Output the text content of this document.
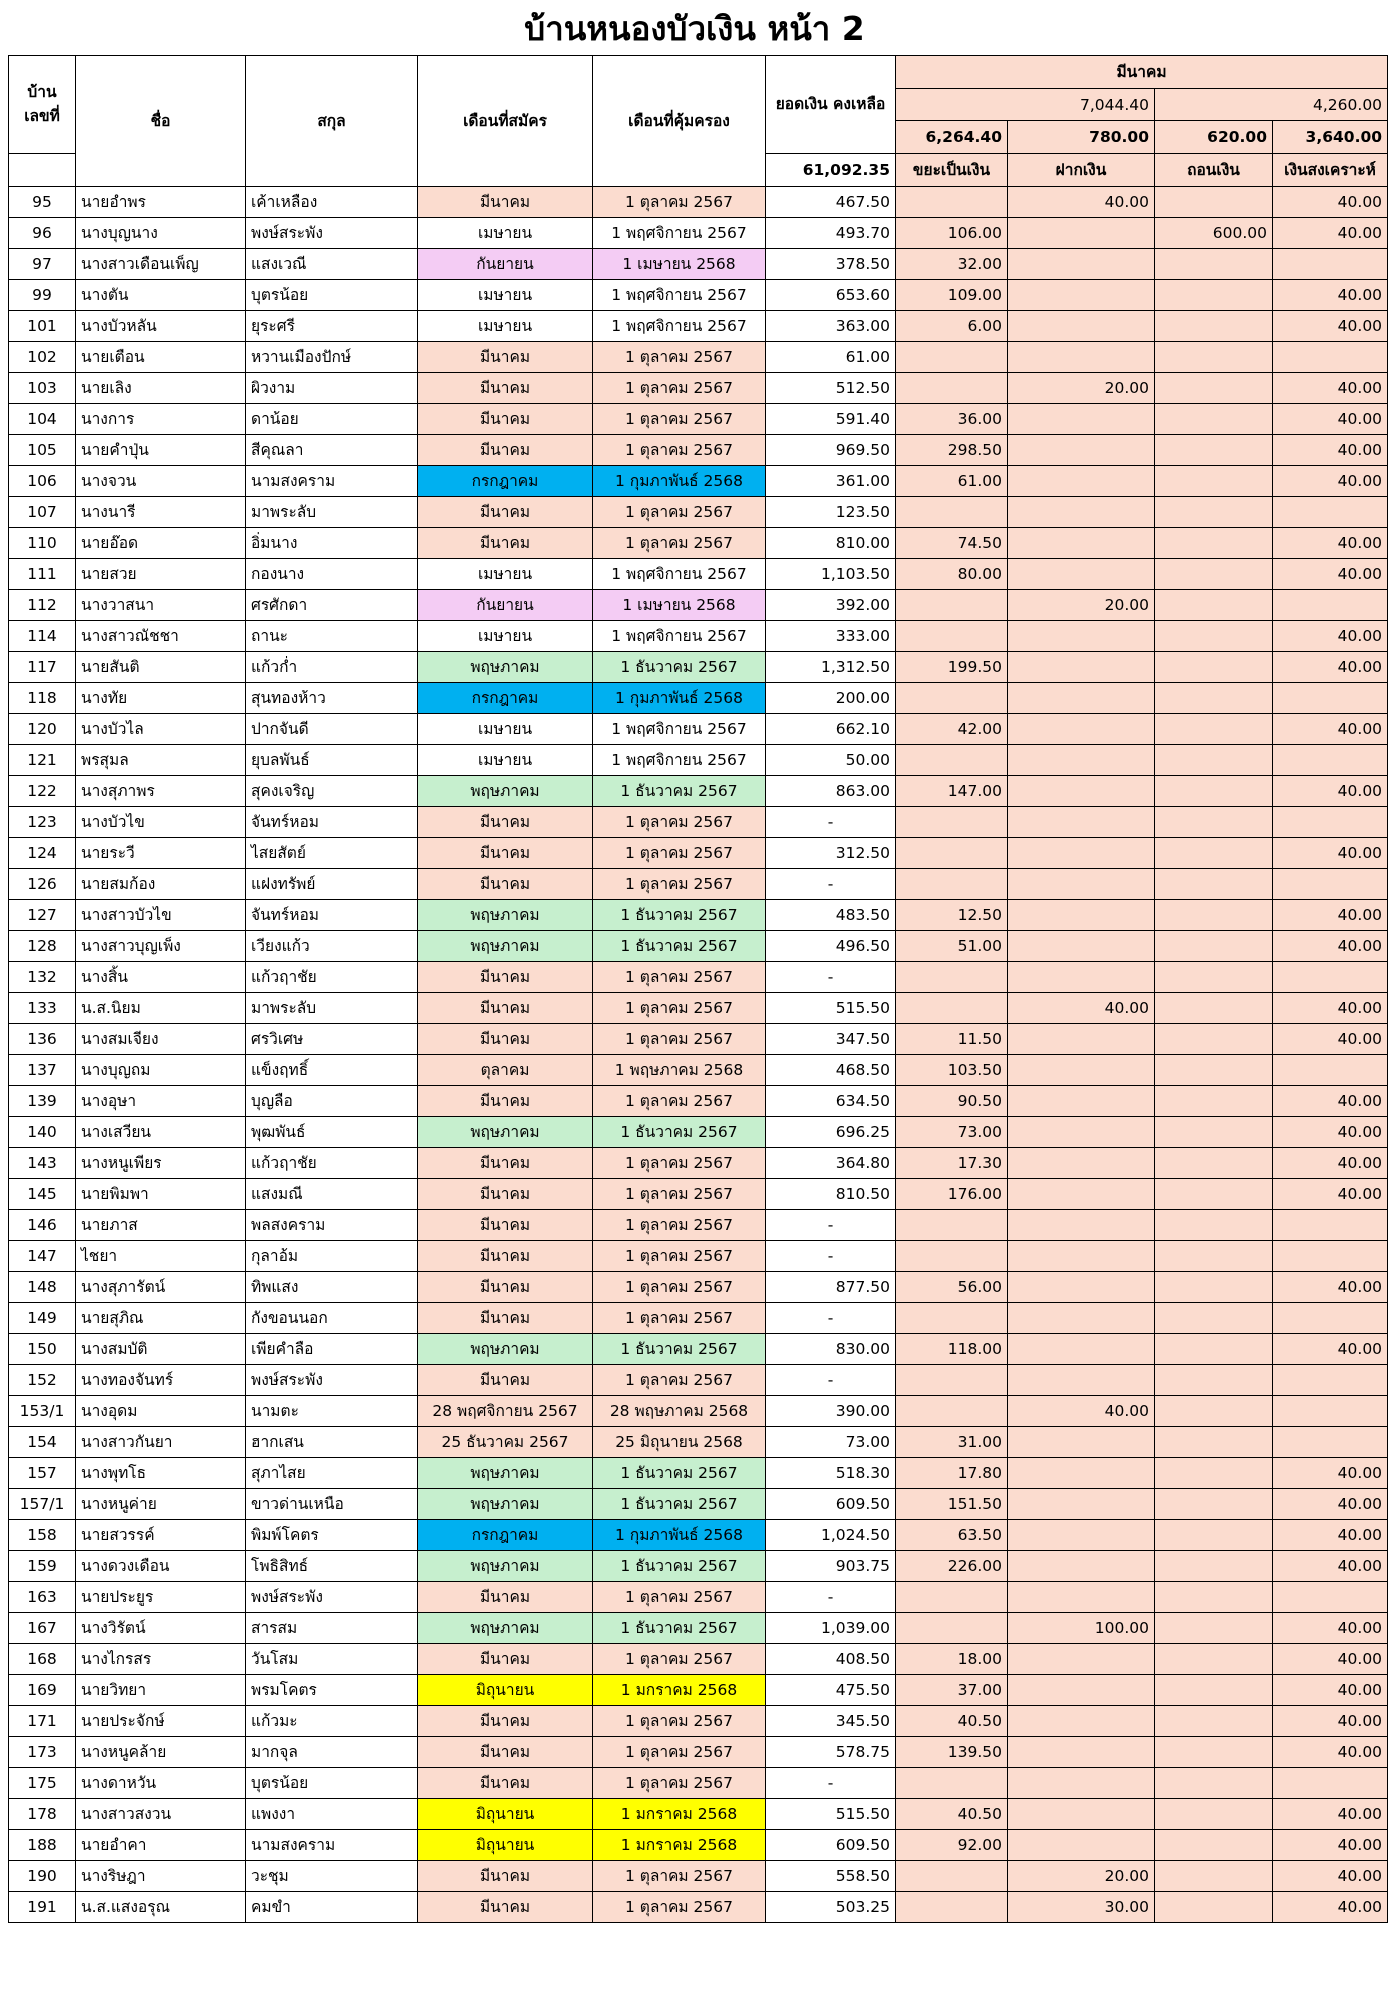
บ้านหนองบัวเงิน หน้า 2
บ้าน เลขที่	ชื่อ	สกุล	เดือนที่สมัคร	เดือนที่คุ้มครอง	ยอดเงิน คงเหลือ	มีนาคม			
						7,044.40		4,260.00	
						6,264.40	780.00	620.00	3,640.00
					61,092.35	ขยะเป็นเงิน	ฝากเงิน	ถอนเงิน	เงินสงเคราะห์
95	นายอำพร	เค้าเหลือง	มีนาคม	1 ตุลาคม 2567	467.50		40.00		40.00
96	นางบุญนาง	พงษ์สระพัง	เมษายน	1 พฤศจิกายน 2567	493.70	106.00		600.00	40.00
97	นางสาวเดือนเพ็ญ	แสงเวณี	กันยายน	1 เมษายน 2568	378.50	32.00			
99	นางตัน	บุตรน้อย	เมษายน	1 พฤศจิกายน 2567	653.60	109.00			40.00
101	นางบัวหลัน	ยุระศรี	เมษายน	1 พฤศจิกายน 2567	363.00	6.00			40.00
102	นายเตือน	หวานเมืองปักษ์	มีนาคม	1 ตุลาคม 2567	61.00				
103	นายเลิง	ผิวงาม	มีนาคม	1 ตุลาคม 2567	512.50		20.00		40.00
104	นางการ	ดาน้อย	มีนาคม	1 ตุลาคม 2567	591.40	36.00			40.00
105	นายคำปุ่น	สีคุณลา	มีนาคม	1 ตุลาคม 2567	969.50	298.50			40.00
106	นางจวน	นามสงคราม	กรกฎาคม	1 กุมภาพันธ์ 2568	361.00	61.00			40.00
107	นางนารี	มาพระลับ	มีนาคม	1 ตุลาคม 2567	123.50				
110	นายอ๊อด	อิ่มนาง	มีนาคม	1 ตุลาคม 2567	810.00	74.50			40.00
111	นายสวย	กองนาง	เมษายน	1 พฤศจิกายน 2567	1,103.50	80.00			40.00
112	นางวาสนา	ศรศักดา	กันยายน	1 เมษายน 2568	392.00		20.00		
114	นางสาวณัชชา	ถานะ	เมษายน	1 พฤศจิกายน 2567	333.00				40.00
117	นายสันติ	แก้วก่ำ	พฤษภาคม	1 ธันวาคม 2567	1,312.50	199.50			40.00
118	นางทัย	สุนทองห้าว	กรกฎาคม	1 กุมภาพันธ์ 2568	200.00				
120	นางบัวไล	ปากจันดี	เมษายน	1 พฤศจิกายน 2567	662.10	42.00			40.00
121	พรสุมล	ยุบลพันธ์	เมษายน	1 พฤศจิกายน 2567	50.00				
122	นางสุภาพร	สุคงเจริญ	พฤษภาคม	1 ธันวาคม 2567	863.00	147.00			40.00
123	นางบัวไข	จันทร์หอม	มีนาคม	1 ตุลาคม 2567	-				
124	นายระวี	ไสยสัตย์	มีนาคม	1 ตุลาคม 2567	312.50				40.00
126	นายสมก้อง	แฝงทรัพย์	มีนาคม	1 ตุลาคม 2567	-				
127	นางสาวบัวไข	จันทร์หอม	พฤษภาคม	1 ธันวาคม 2567	483.50	12.50			40.00
128	นางสาวบุญเพ็ง	เวียงแก้ว	พฤษภาคม	1 ธันวาคม 2567	496.50	51.00			40.00
132	นางสิ้น	แก้วฤาชัย	มีนาคม	1 ตุลาคม 2567	-				
133	น.ส.นิยม	มาพระลับ	มีนาคม	1 ตุลาคม 2567	515.50		40.00		40.00
136	นางสมเจียง	ศรวิเศษ	มีนาคม	1 ตุลาคม 2567	347.50	11.50			40.00
137	นางบุญถม	แข็งฤทธิ์	ตุลาคม	1 พฤษภาคม 2568	468.50	103.50			
139	นางอุษา	บุญลือ	มีนาคม	1 ตุลาคม 2567	634.50	90.50			40.00
140	นางเสวียน	พุฒพันธ์	พฤษภาคม	1 ธันวาคม 2567	696.25	73.00			40.00
143	นางหนูเพียร	แก้วฤาชัย	มีนาคม	1 ตุลาคม 2567	364.80	17.30			40.00
145	นายพิมพา	แสงมณี	มีนาคม	1 ตุลาคม 2567	810.50	176.00			40.00
146	นายภาส	พลสงคราม	มีนาคม	1 ตุลาคม 2567	-				
147	ไชยา	กุลาอ้ม	มีนาคม	1 ตุลาคม 2567	-				
148	นางสุภารัตน์	ทิพแสง	มีนาคม	1 ตุลาคม 2567	877.50	56.00			40.00
149	นายสุภิณ	กังขอนนอก	มีนาคม	1 ตุลาคม 2567	-				
150	นางสมบัติ	เพียคำลือ	พฤษภาคม	1 ธันวาคม 2567	830.00	118.00			40.00
152	นางทองจันทร์	พงษ์สระพัง	มีนาคม	1 ตุลาคม 2567	-				
153/1	นางอุดม	นามตะ	28 พฤศจิกายน 2567	28 พฤษภาคม 2568	390.00		40.00		
154	นางสาวกันยา	ฮากเสน	25 ธันวาคม 2567	25 มิถุนายน 2568	73.00	31.00			
157	นางพุทโธ	สุภาไสย	พฤษภาคม	1 ธันวาคม 2567	518.30	17.80			40.00
157/1	นางหนูค่าย	ขาวด่านเหนือ	พฤษภาคม	1 ธันวาคม 2567	609.50	151.50			40.00
158	นายสวรรค์	พิมพ์โคตร	กรกฎาคม	1 กุมภาพันธ์ 2568	1,024.50	63.50			40.00
159	นางดวงเดือน	โพธิสิทธ์	พฤษภาคม	1 ธันวาคม 2567	903.75	226.00			40.00
163	นายประยูร	พงษ์สระพัง	มีนาคม	1 ตุลาคม 2567	-				
167	นางวิรัตน์	สารสม	พฤษภาคม	1 ธันวาคม 2567	1,039.00		100.00		40.00
168	นางไกรสร	วันโสม	มีนาคม	1 ตุลาคม 2567	408.50	18.00			40.00
169	นายวิทยา	พรมโคตร	มิถุนายน	1 มกราคม 2568	475.50	37.00			40.00
171	นายประจักษ์	แก้วมะ	มีนาคม	1 ตุลาคม 2567	345.50	40.50			40.00
173	นางหนูคล้าย	มากจุล	มีนาคม	1 ตุลาคม 2567	578.75	139.50			40.00
175	นางดาหวัน	บุตรน้อย	มีนาคม	1 ตุลาคม 2567	-				
178	นางสาวสงวน	แพงงา	มิถุนายน	1 มกราคม 2568	515.50	40.50			40.00
188	นายอำคา	นามสงคราม	มิถุนายน	1 มกราคม 2568	609.50	92.00			40.00
190	นางริษฎา	วะชุม	มีนาคม	1 ตุลาคม 2567	558.50		20.00		40.00
191	น.ส.แสงอรุณ	คมขำ	มีนาคม	1 ตุลาคม 2567	503.25		30.00		40.00
